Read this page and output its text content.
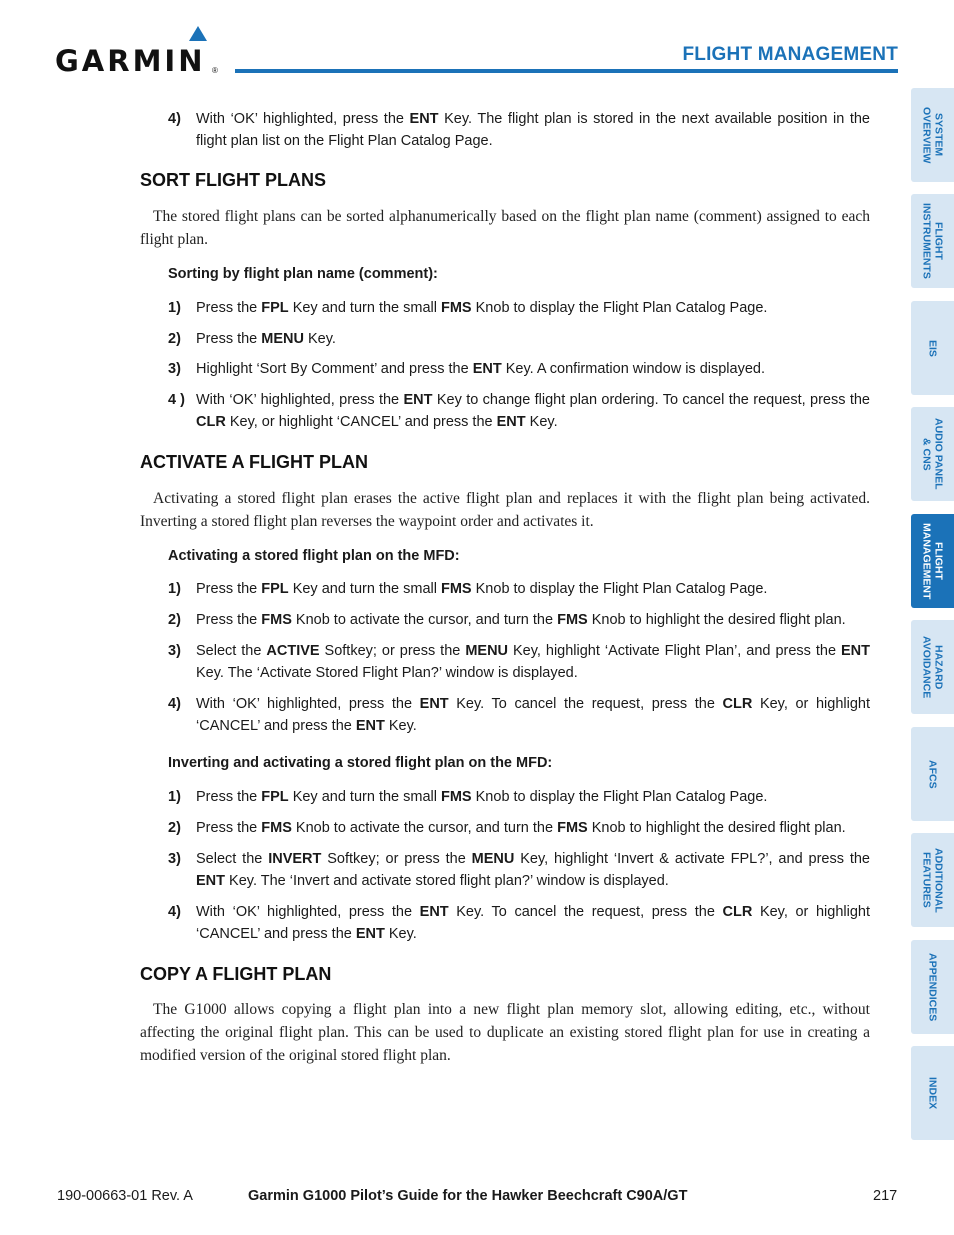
GARMIN ®
FLIGHT MANAGEMENT
4) With ‘OK’ highlighted, press the ENT Key. The flight plan is stored in the next available position in the flight plan list on the Flight Plan Catalog Page.
SORT FLIGHT PLANS
The stored flight plans can be sorted alphanumerically based on the flight plan name (comment) assigned to each flight plan.
Sorting by flight plan name (comment):
1) Press the FPL Key and turn the small FMS Knob to display the Flight Plan Catalog Page.
2) Press the MENU Key.
3) Highlight ‘Sort By Comment’ and press the ENT Key. A confirmation window is displayed.
4 ) With ‘OK’ highlighted, press the ENT Key to change flight plan ordering. To cancel the request, press the CLR Key, or highlight ‘CANCEL’ and press the ENT Key.
ACTIVATE A FLIGHT PLAN
Activating a stored flight plan erases the active flight plan and replaces it with the flight plan being activated. Inverting a stored flight plan reverses the waypoint order and activates it.
Activating a stored flight plan on the MFD:
1) Press the FPL Key and turn the small FMS Knob to display the Flight Plan Catalog Page.
2) Press the FMS Knob to activate the cursor, and turn the FMS Knob to highlight the desired flight plan.
3) Select the ACTIVE Softkey; or press the MENU Key, highlight ‘Activate Flight Plan’, and press the ENT Key. The ‘Activate Stored Flight Plan?’ window is displayed.
4) With ‘OK’ highlighted, press the ENT Key. To cancel the request, press the CLR Key, or highlight ‘CANCEL’ and press the ENT Key.
Inverting and activating a stored flight plan on the MFD:
1) Press the FPL Key and turn the small FMS Knob to display the Flight Plan Catalog Page.
2) Press the FMS Knob to activate the cursor, and turn the FMS Knob to highlight the desired flight plan.
3) Select the INVERT Softkey; or press the MENU Key, highlight ‘Invert & activate FPL?’, and press the ENT Key. The ‘Invert and activate stored flight plan?’ window is displayed.
4) With ‘OK’ highlighted, press the ENT Key. To cancel the request, press the CLR Key, or highlight ‘CANCEL’ and press the ENT Key.
COPY A FLIGHT PLAN
The G1000 allows copying a flight plan into a new flight plan memory slot, allowing editing, etc., without affecting the original flight plan. This can be used to duplicate an existing stored flight plan for use in creating a modified version of the original stored flight plan.
SYSTEM
OVERVIEW
FLIGHT
INSTRUMENTS
EIS
AUDIO PANEL
& CNS
FLIGHT
MANAGEMENT
HAZARD
AVOIDANCE
AFCS
ADDITIONAL
FEATURES
APPENDICES
INDEX
190-00663-01 Rev. A	Garmin G1000 Pilot’s Guide for the Hawker Beechcraft C90A/GT	217
